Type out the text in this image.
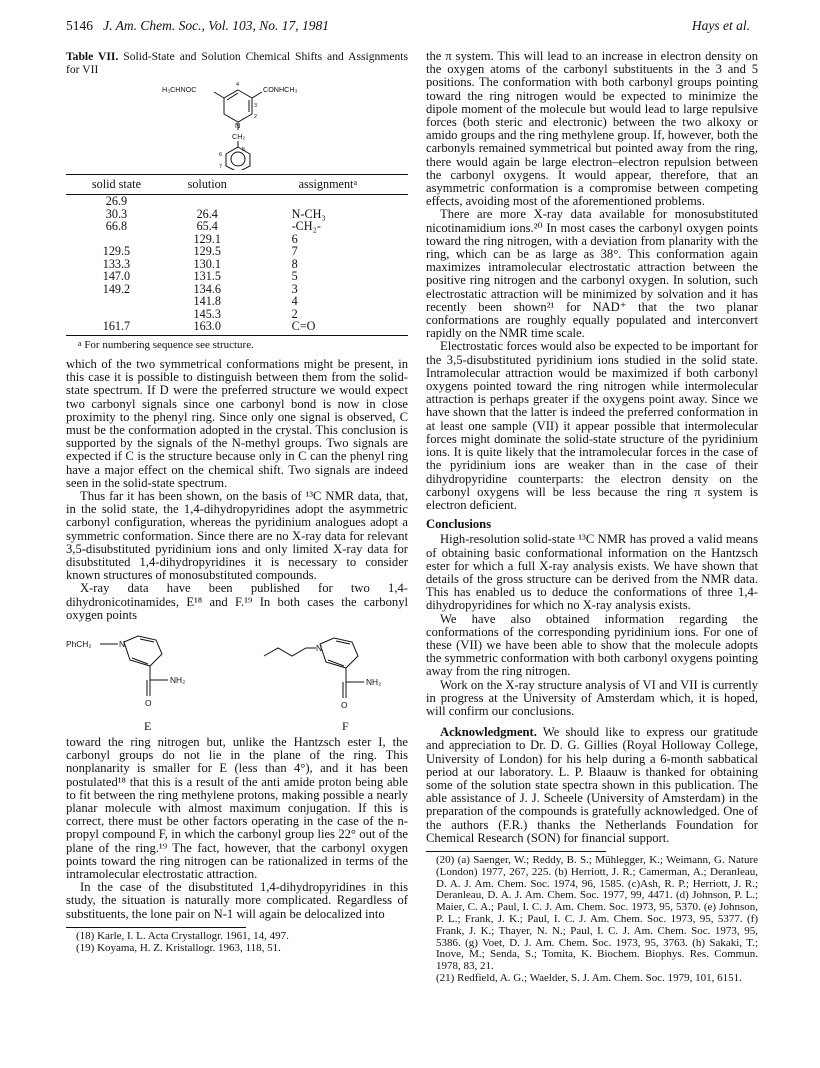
5146 J. Am. Chem. Soc., Vol. 103, No. 17, 1981	Hays et al.
Table VII. Solid-State and Solution Chemical Shifts and Assignments for VII
H₃CHNOC	CONHCH₃
N
CH₂
4
3
2
5
6
7
solid state	solution	assignment$^a$
26.9		
30.3	26.4	N-CH₃
66.8	65.4	-CH₂-
	129.1	6
129.5	129.5	7
133.3	130.1	8
147.0	131.5	5
149.2	134.6	3
	141.8	4
	145.3	2
161.7	163.0	C=O
$^a$ For numbering sequence see structure.

which of the two symmetrical conformations might be present, in this case it is possible to distinguish between them from the solid-state spectrum. If D were the preferred structure we would expect two carbonyl signals since one carbonyl bond is now in close proximity to the phenyl ring. Since only one signal is observed, C must be the conformation adopted in the crystal. This conclusion is supported by the signals of the N-methyl groups. Two signals are expected if C is the structure because only in C can the phenyl ring have a major effect on the chemical shift. Two signals are indeed seen in the solid-state spectrum.

Thus far it has been shown, on the basis of ¹³C NMR data, that, in the solid state, the 1,4-dihydropyridines adopt the asymmetric carbonyl configuration, whereas the pyridinium analogues adopt a symmetric conformation. Since there are no X-ray data for relevant 3,5-disubstituted pyridinium ions and only limited X-ray data for disubstituted 1,4-dihydropyridines it is necessary to consider known structures of monosubstituted compounds.

X-ray data have been published for two 1,4-dihydronicotinamides, E¹⁸ and F.¹⁹ In both cases the carbonyl oxygen points

PhCH₂	N
NH₂
O
N
NH₂
O
E	F

toward the ring nitrogen but, unlike the Hantzsch ester I, the carbonyl groups do not lie in the plane of the ring. This nonplanarity is smaller for E (less than 4°), and it has been postulated¹⁸ that this is a result of the anti amide proton being able to fit between the ring methylene protons, making possible a nearly planar molecule with almost maximum conjugation. If this is correct, there must be other factors operating in the case of the n-propyl compound F, in which the carbonyl group lies 22° out of the plane of the ring.¹⁹ The fact, however, that the carbonyl oxygen points toward the ring nitrogen can be rationalized in terms of the intramolecular electrostatic attraction.

In the case of the disubstituted 1,4-dihydropyridines in this study, the situation is naturally more complicated. Regardless of substituents, the lone pair on N-1 will again be delocalized into

(18) Karle, I. L. Acta Crystallogr. 1961, 14, 497.
(19) Koyama, H. Z. Kristallogr. 1963, 118, 51.

the π system. This will lead to an increase in electron density on the oxygen atoms of the carbonyl substituents in the 3 and 5 positions. The conformation with both carbonyl groups pointing toward the ring nitrogen would be expected to minimize the dipole moment of the molecule but would lead to large repulsive forces (both steric and electronic) between the two alkoxy or amido groups and the ring methylene group. If, however, both the carbonyls remained symmetrical but pointed away from the ring, there would again be large electron–electron repulsion between the carbonyl oxygens. It would appear, therefore, that an asymmetric conformation is a compromise between competing effects, avoiding most of the aforementioned problems.

There are more X-ray data available for monosubstituted nicotinamidium ions.²⁰ In most cases the carbonyl oxygen points toward the ring nitrogen, with a deviation from planarity with the ring, which can be as large as 38°. This conformation again maximizes intramolecular electrostatic attraction between the positive ring nitrogen and the carbonyl oxygen. In solution, such electrostatic attraction will be minimized by solvation and it has recently been shown²¹ for NAD⁺ that the two planar conformations are roughly equally populated and interconvert rapidly on the NMR time scale.

Electrostatic forces would also be expected to be important for the 3,5-disubstituted pyridinium ions studied in the solid state. Intramolecular attraction would be maximized if both carbonyl oxygens pointed toward the ring nitrogen while intermolecular attraction is perhaps greater if the oxygens point away. Since we have shown that the latter is indeed the preferred conformation in at least one sample (VII) it appear possible that intermolecular forces might dominate the solid-state structure of the pyridinium ions. It is quite likely that the intramolecular forces in the case of the pyridinium ions are weaker than in the case of their dihydropyridine counterparts: the electron density on the carbonyl oxygens will be less because the ring π system is electron deficient.

Conclusions

High-resolution solid-state ¹³C NMR has proved a valid means of obtaining basic conformational information on the Hantzsch ester for which a full X-ray analysis exists. We have shown that details of the gross structure can be derived from the NMR data. This has enabled us to deduce the conformations of three 1,4-dihydropyridines for which no X-ray analysis exists.

We have also obtained information regarding the conformations of the corresponding pyridinium ions. For one of these (VII) we have been able to show that the molecule adopts the symmetric conformation with both carbonyl oxygens pointing away from the ring nitrogen.

Work on the X-ray structure analysis of VI and VII is currently in progress at the University of Amsterdam which, it is hoped, will confirm our conclusions.

Acknowledgment. We should like to express our gratitude and appreciation to Dr. D. G. Gillies (Royal Holloway College, University of London) for his help during a 6-month sabbatical period at our laboratory. L. P. Blaauw is thanked for obtaining some of the solution state spectra shown in this publication. The able assistance of J. J. Scheele (University of Amsterdam) in the preparation of the compounds is gratefully acknowledged. One of the authors (F.R.) thanks the Netherlands Foundation for Chemical Research (SON) for financial support.

(20) (a) Saenger, W.; Reddy, B. S.; Mühlegger, K.; Weimann, G. Nature (London) 1977, 267, 225. (b) Herriott, J. R.; Camerman, A.; Deranleau, D. A. J. Am. Chem. Soc. 1974, 96, 1585. (c)Ash, R. P.; Herriott, J. R.; Deranleau, D. A. J. Am. Chem. Soc. 1977, 99, 4471. (d) Johnson, P. L.; Maier, C. A.; Paul, I. C. J. Am. Chem. Soc. 1973, 95, 5370. (e) Johnson, P. L.; Frank, J. K.; Paul, I. C. J. Am. Chem. Soc. 1973, 95, 5377. (f) Frank, J. K.; Thayer, N. N.; Paul, I. C. J. Am. Chem. Soc. 1973, 95, 5386. (g) Voet, D. J. Am. Chem. Soc. 1973, 95, 3763. (h) Sakaki, T.; Inove, M.; Senda, S.; Tomita, K. Biochem. Biophys. Res. Commun. 1978, 83, 21.
(21) Redfield, A. G.; Waelder, S. J. Am. Chem. Soc. 1979, 101, 6151.
